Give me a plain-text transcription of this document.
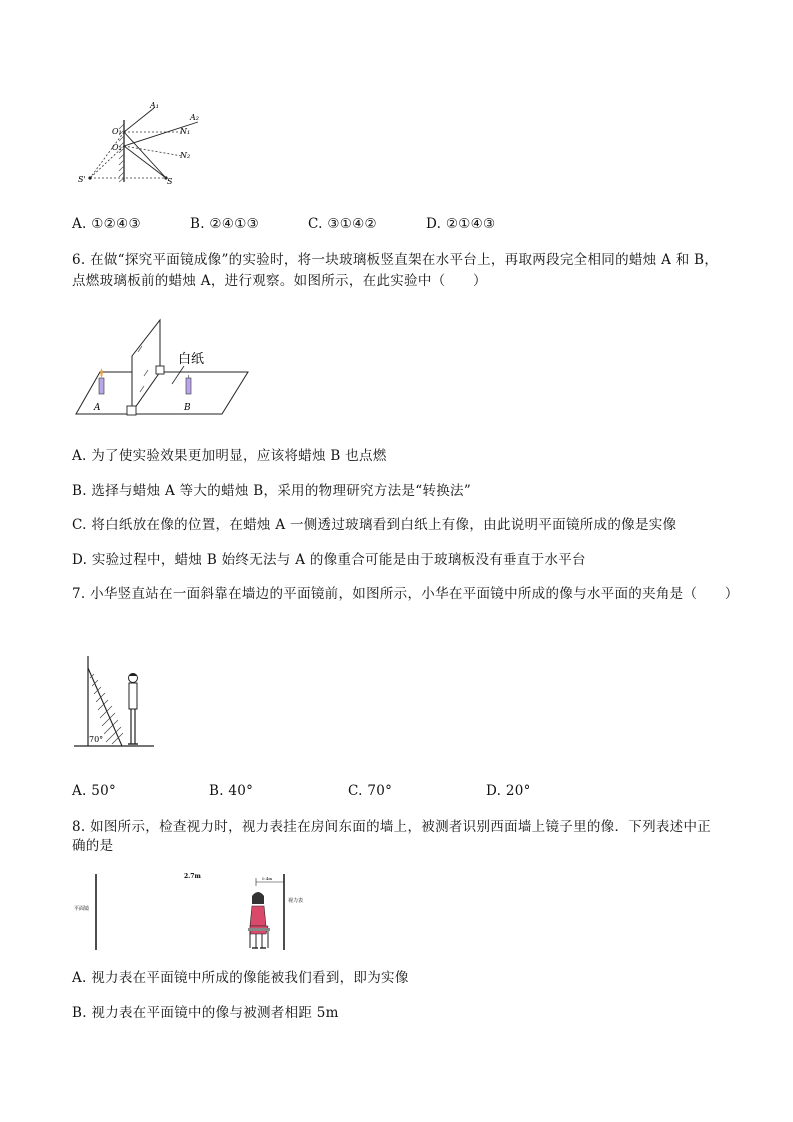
A₁
A₂
O₁
O₂
N₁
N₂
S'	S
A. ①②④③	B. ②④①③	C. ③①④②	D. ②①④③
6. 在做“探究平面镜成像”的实验时，将一块玻璃板竖直架在水平台上，再取两段完全相同的蜡烛 A 和 B，
点燃玻璃板前的蜡烛 A，进行观察。如图所示，在此实验中（　　）
白纸
A	B
A. 为了使实验效果更加明显，应该将蜡烛 B 也点燃
B. 选择与蜡烛 A 等大的蜡烛 B，采用的物理研究方法是“转换法”
C. 将白纸放在像的位置，在蜡烛 A 一侧透过玻璃看到白纸上有像，由此说明平面镜所成的像是实像
D. 实验过程中，蜡烛 B 始终无法与 A 的像重合可能是由于玻璃板没有垂直于水平台
7. 小华竖直站在一面斜靠在墙边的平面镜前，如图所示，小华在平面镜中所成的像与水平面的夹角是（　　）
70°
A. 50°	B. 40°	C. 70°	D. 20°
8. 如图所示，检查视力时，视力表挂在房间东面的墙上，被测者识别西面墙上镜子里的像．下列表述中正
确的是
平面镜
2.7m	0.4m
视力表
A. 视力表在平面镜中所成的像能被我们看到，即为实像
B. 视力表在平面镜中的像与被测者相距 5m
